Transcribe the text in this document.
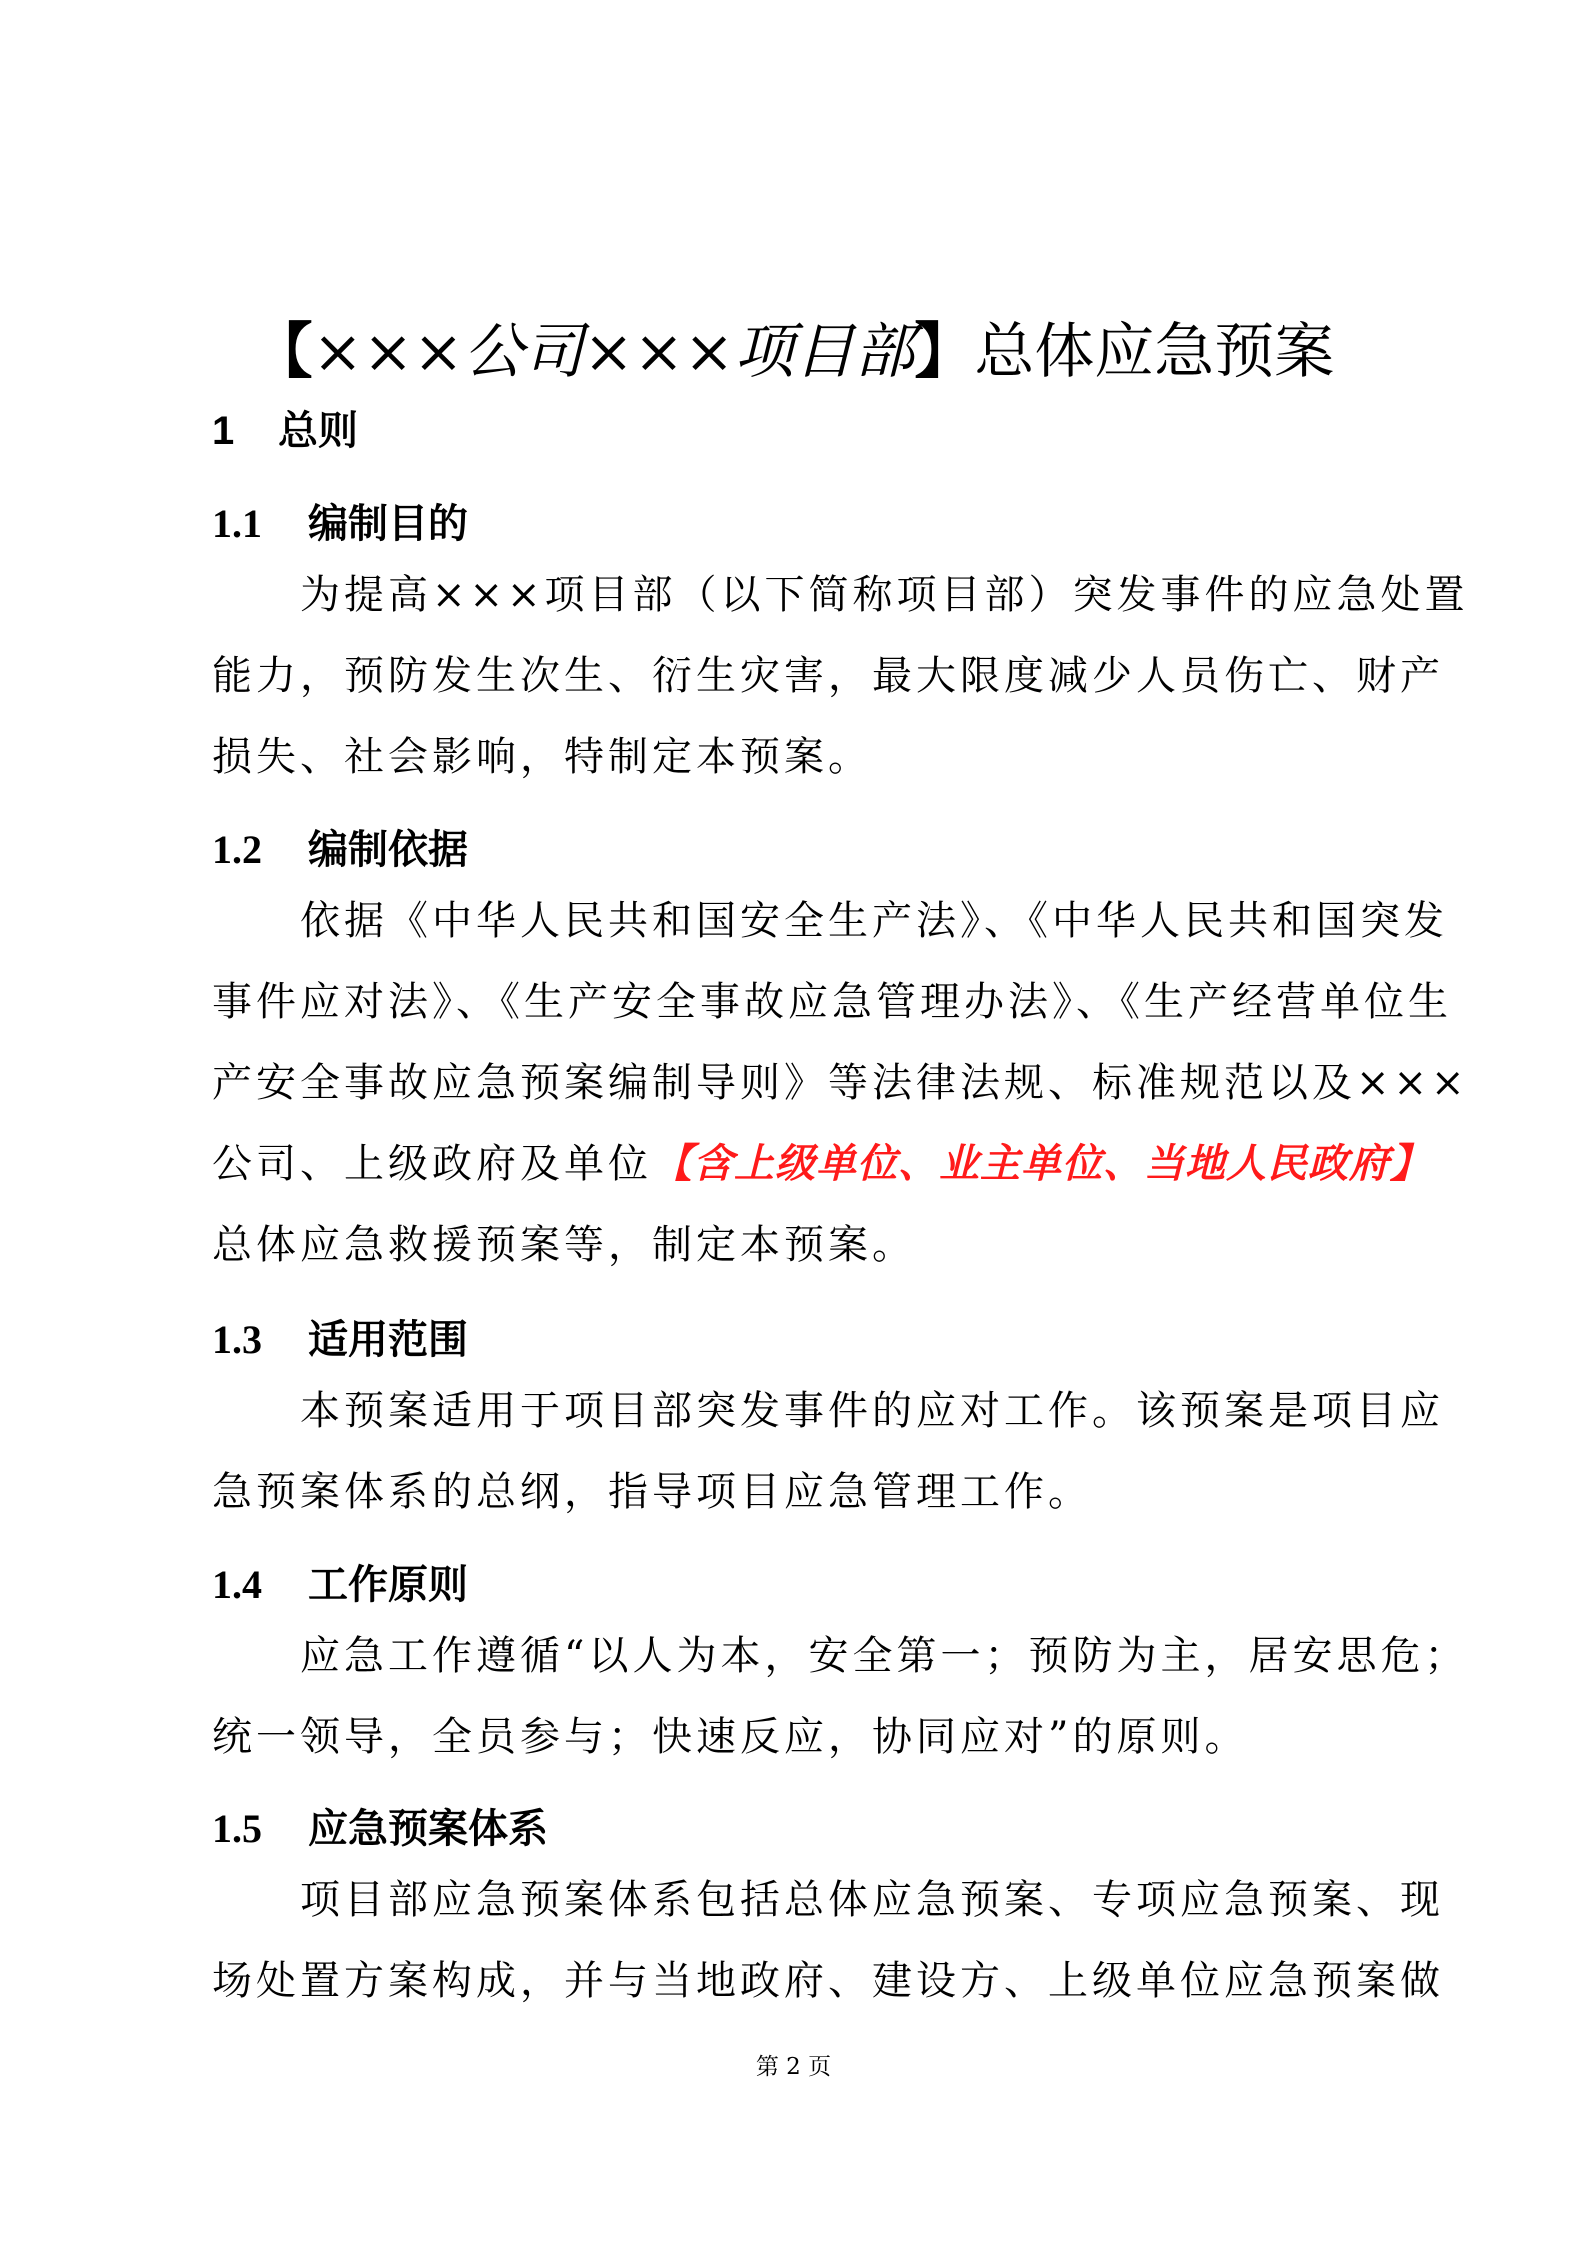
【×××公司×××项目部】总体应急预案
1 总则
1.1 编制目的
为提高×××项目部（以下简称项目部）突发事件的应急处置
能力，预防发生次生、衍生灾害，最大限度减少人员伤亡、财产
损失、社会影响，特制定本预案。
1.2 编制依据
依据《中华人民共和国安全生产法》、《中华人民共和国突发
事件应对法》、《生产安全事故应急管理办法》、《生产经营单位生
产安全事故应急预案编制导则》等法律法规、标准规范以及×××
公司、上级政府及单位【含上级单位、业主单位、当地人民政府】
总体应急救援预案等，制定本预案。
1.3 适用范围
本预案适用于项目部突发事件的应对工作。该预案是项目应
急预案体系的总纲，指导项目应急管理工作。
1.4 工作原则
应急工作遵循“以人为本，安全第一；预防为主，居安思危；
统一领导，全员参与；快速反应，协同应对”的原则。
1.5 应急预案体系
项目部应急预案体系包括总体应急预案、专项应急预案、现
场处置方案构成，并与当地政府、建设方、上级单位应急预案做
第 2 页
